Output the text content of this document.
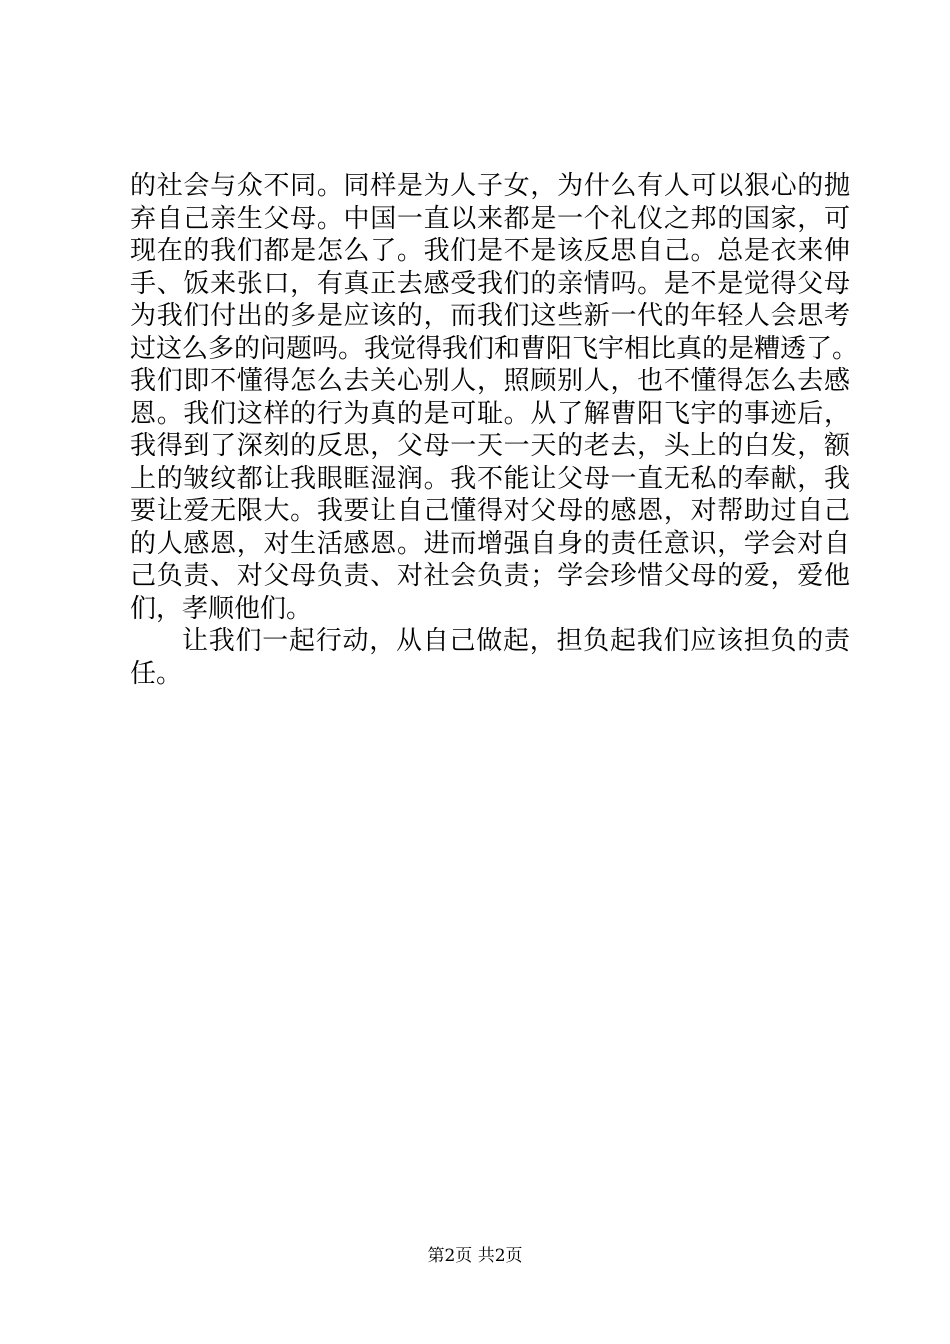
的社会与众不同。同样是为人子女，为什么有人可以狠心的抛
弃自己亲生父母。中国一直以来都是一个礼仪之邦的国家，可
现在的我们都是怎么了。我们是不是该反思自己。总是衣来伸
手、饭来张口，有真正去感受我们的亲情吗。是不是觉得父母
为我们付出的多是应该的，而我们这些新一代的年轻人会思考
过这么多的问题吗。我觉得我们和曹阳飞宇相比真的是糟透了。
我们即不懂得怎么去关心别人，照顾别人，也不懂得怎么去感
恩。我们这样的行为真的是可耻。从了解曹阳飞宇的事迹后，
我得到了深刻的反思，父母一天一天的老去，头上的白发，额
上的皱纹都让我眼眶湿润。我不能让父母一直无私的奉献，我
要让爱无限大。我要让自己懂得对父母的感恩，对帮助过自己
的人感恩，对生活感恩。进而增强自身的责任意识，学会对自
己负责、对父母负责、对社会负责；学会珍惜父母的爱，爱他
们，孝顺他们。
让我们一起行动，从自己做起，担负起我们应该担负的责
任。
第2页 共2页
